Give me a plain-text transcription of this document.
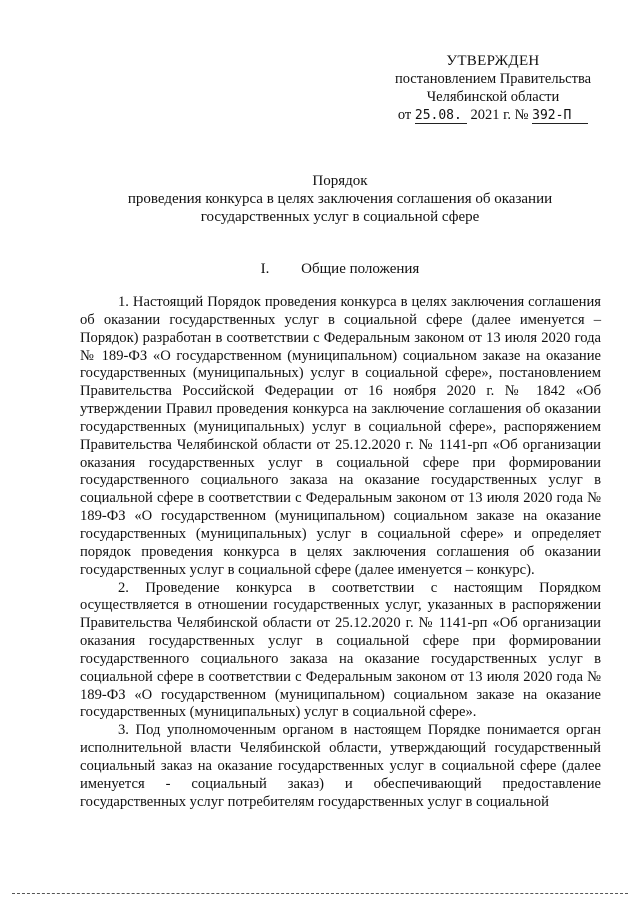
УТВЕРЖДЕН
постановлением Правительства
Челябинской области
от 25.08. 2021 г. № 392-П
Порядок
проведения конкурса в целях заключения соглашения об оказании
государственных услуг в социальной сфере
I. Общие положения

1. Настоящий Порядок проведения конкурса в целях заключения соглашения об оказании государственных услуг в социальной сфере (далее именуется – Порядок) разработан в соответствии с Федеральным законом от 13 июля 2020 года № 189-ФЗ «О государственном (муниципальном) социальном заказе на оказание государственных (муниципальных) услуг в социальной сфере», постановлением Правительства Российской Федерации от 16 ноября 2020 г. № 1842 «Об утверждении Правил проведения конкурса на заключение соглашения об оказании государственных (муниципальных) услуг в социальной сфере», распоряжением Правительства Челябинской области от 25.12.2020 г. № 1141-рп «Об организации оказания государственных услуг в социальной сфере при формировании государственного социального заказа на оказание государственных услуг в социальной сфере в соответствии с Федеральным законом от 13 июля 2020 года № 189-ФЗ «О государственном (муниципальном) социальном заказе на оказание государственных (муниципальных) услуг в социальной сфере» и определяет порядок проведения конкурса в целях заключения соглашения об оказании государственных услуг в социальной сфере (далее именуется – конкурс).

2. Проведение конкурса в соответствии с настоящим Порядком осуществляется в отношении государственных услуг, указанных в распоряжении Правительства Челябинской области от 25.12.2020 г. № 1141-рп «Об организации оказания государственных услуг в социальной сфере при формировании государственного социального заказа на оказание государственных услуг в социальной сфере в соответствии с Федеральным законом от 13 июля 2020 года № 189-ФЗ «О государственном (муниципальном) социальном заказе на оказание государственных (муниципальных) услуг в социальной сфере».

3. Под уполномоченным органом в настоящем Порядке понимается орган исполнительной власти Челябинской области, утверждающий государственный социальный заказ на оказание государственных услуг в социальной сфере (далее именуется - социальный заказ) и обеспечивающий предоставление государственных услуг потребителям государственных услуг в социальной
